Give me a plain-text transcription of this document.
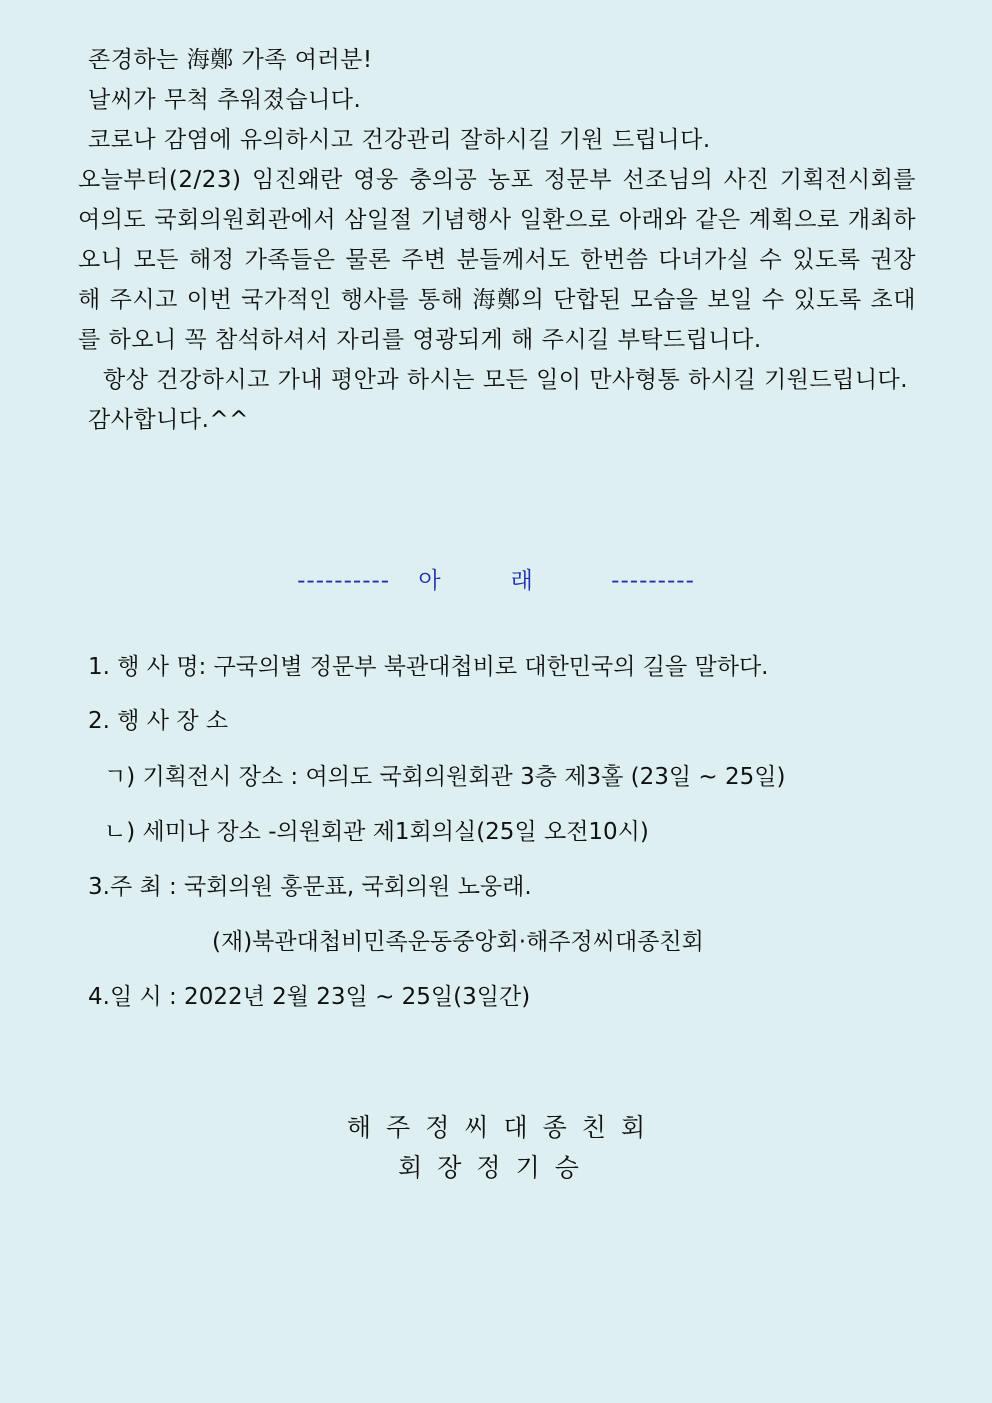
존경하는 海鄭 가족 여러분!

날씨가 무척 추워졌습니다.

코로나 감염에 유의하시고 건강관리 잘하시길 기원 드립니다.

오늘부터(2/23) 임진왜란 영웅 충의공 농포 정문부 선조님의 사진 기획전시회를 여의도 국회의원회관에서 삼일절 기념행사 일환으로 아래와 같은 계획으로 개최하오니 모든 해정 가족들은 물론 주변 분들께서도 한번씀 다녀가실 수 있도록 권장 해 주시고 이번 국가적인 행사를 통해 海鄭의 단합된 모습을 보일 수 있도록 초대를 하오니 꼭 참석하셔서 자리를 영광되게 해 주시길 부탁드립니다.

항상 건강하시고 가내 평안과 하시는 모든 일이 만사형통 하시길 기원드립니다.

감사합니다.^^

---------- 아래 ---------
1. 행 사 명: 구국의별 정문부 북관대첩비로 대한민국의 길을 말하다.
2. 행 사 장 소
ㄱ) 기획전시 장소 : 여의도 국회의원회관 3층 제3홀 (23일 ~ 25일)
ㄴ) 세미나 장소 -의원회관 제1회의실(25일 오전10시)
3.주 최 : 국회의원 홍문표, 국회의원 노웅래.
(재)북관대첩비민족운동중앙회·해주정씨대종친회
4.일 시 : 2022년 2월 23일 ~ 25일(3일간)
해주정씨대종친회
회장정기승
